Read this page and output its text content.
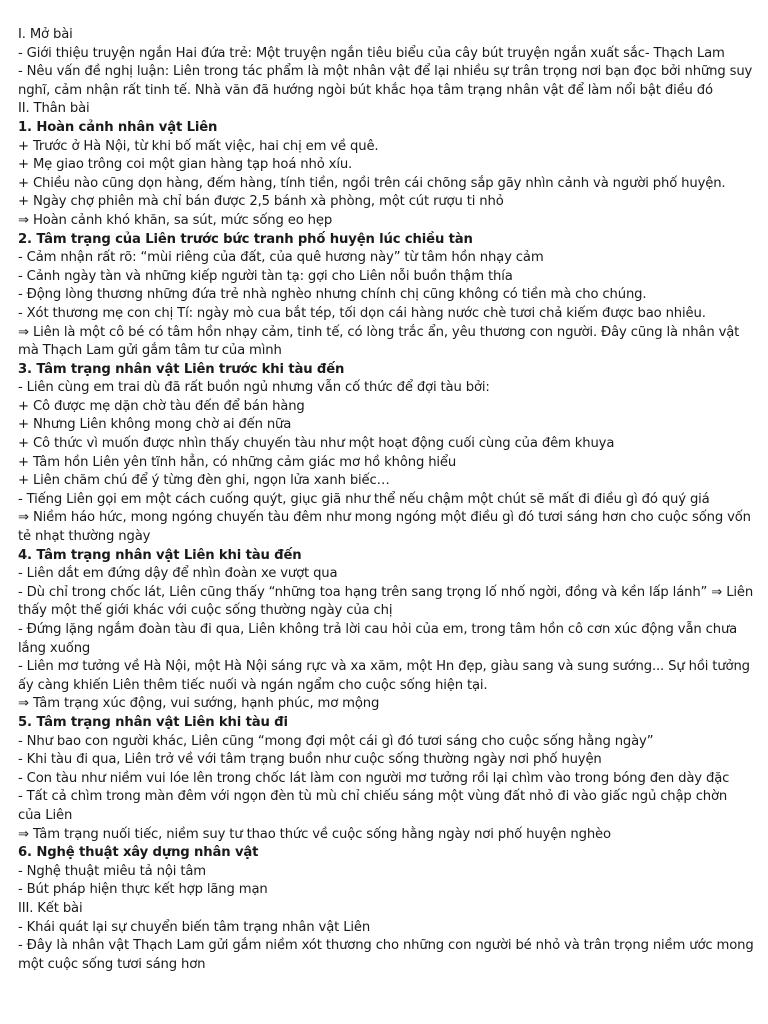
I. Mở bài

- Giới thiệu truyện ngắn Hai đứa trẻ: Một truyện ngắn tiêu biểu của cây bút truyện ngắn xuất sắc- Thạch Lam

- Nêu vấn đề nghị luận: Liên trong tác phẩm là một nhân vật để lại nhiều sự trân trọng nơi bạn đọc bởi những suy nghĩ, cảm nhận rất tinh tế. Nhà văn đã hướng ngòi bút khắc họa tâm trạng nhân vật để làm nổi bật điều đó

II. Thân bài

1. Hoàn cảnh nhân vật Liên

+ Trước ở Hà Nội, từ khi bố mất việc, hai chị em về quê.

+ Mẹ giao trông coi một gian hàng tạp hoá nhỏ xíu.

+ Chiều nào cũng dọn hàng, đếm hàng, tính tiền, ngồi trên cái chõng sắp gãy nhìn cảnh và người phố huyện.

+ Ngày chợ phiên mà chỉ bán được 2,5 bánh xà phòng, một cút rượu ti nhỏ

⇒ Hoàn cảnh khó khăn, sa sút, mức sống eo hẹp

2. Tâm trạng của Liên trước bức tranh phố huyện lúc chiều tàn

- Cảm nhận rất rõ: “mùi riêng của đất, của quê hương này” từ tâm hồn nhạy cảm

- Cảnh ngày tàn và những kiếp người tàn tạ: gợi cho Liên nỗi buồn thậm thía

- Động lòng thương những đứa trẻ nhà nghèo nhưng chính chị cũng không có tiền mà cho chúng.

- Xót thương mẹ con chị Tí: ngày mò cua bắt tép, tối dọn cái hàng nước chè tươi chả kiếm được bao nhiêu.

⇒ Liên là một cô bé có tâm hồn nhạy cảm, tinh tế, có lòng trắc ẩn, yêu thương con người. Đây cũng là nhân vật mà Thạch Lam gửi gắm tâm tư của mình

3. Tâm trạng nhân vật Liên trước khi tàu đến

- Liên cùng em trai dù đã rất buồn ngủ nhưng vẫn cố thức để đợi tàu bởi:

+ Cô được mẹ dặn chờ tàu đến để bán hàng

+ Nhưng Liên không mong chờ ai đến nữa

+ Cô thức vì muốn được nhìn thấy chuyến tàu như một hoạt động cuối cùng của đêm khuya

+ Tâm hồn Liên yên tĩnh hẳn, có những cảm giác mơ hồ không hiểu

+ Liên chăm chú để ý từng đèn ghi, ngọn lửa xanh biếc…

- Tiếng Liên gọi em một cách cuống quýt, giục giã như thể nếu chậm một chút sẽ mất đi điều gì đó quý giá

⇒ Niềm háo hức, mong ngóng chuyến tàu đêm như mong ngóng một điều gì đó tươi sáng hơn cho cuộc sống vốn tẻ nhạt thường ngày

4. Tâm trạng nhân vật Liên khi tàu đến

- Liên dắt em đứng dậy để nhìn đoàn xe vượt qua

- Dù chỉ trong chốc lát, Liên cũng thấy “những toa hạng trên sang trọng lố nhố ngời, đồng và kền lấp lánh” ⇒ Liên thấy một thế giới khác với cuộc sống thường ngày của chị

- Đứng lặng ngắm đoàn tàu đi qua, Liên không trả lời cau hỏi của em, trong tâm hồn cô cơn xúc động vẫn chưa lắng xuống

- Liên mơ tưởng về Hà Nội, một Hà Nội sáng rực và xa xăm, một Hn đẹp, giàu sang và sung sướng... Sự hồi tưởng ấy càng khiến Liên thêm tiếc nuối và ngán ngẩm cho cuộc sống hiện tại.

⇒ Tâm trạng xúc động, vui sướng, hạnh phúc, mơ mộng

5. Tâm trạng nhân vật Liên khi tàu đi

- Như bao con người khác, Liên cũng “mong đợi một cái gì đó tươi sáng cho cuộc sống hằng ngày”

- Khi tàu đi qua, Liên trở về với tâm trạng buồn như cuộc sống thường ngày nơi phố huyện

- Con tàu như niềm vui lóe lên trong chốc lát làm con người mơ tưởng rồi lại chìm vào trong bóng đen dày đặc

- Tất cả chìm trong màn đêm với ngọn đèn tù mù chỉ chiếu sáng một vùng đất nhỏ đi vào giấc ngủ chập chờn của Liên

⇒ Tâm trạng nuối tiếc, niềm suy tư thao thức về cuộc sống hằng ngày nơi phố huyện nghèo

6. Nghệ thuật xây dựng nhân vật

- Nghệ thuật miêu tả nội tâm

- Bút pháp hiện thực kết hợp lãng mạn

III. Kết bài

- Khái quát lại sự chuyển biến tâm trạng nhân vật Liên

- Đây là nhân vật Thạch Lam gửi gắm niềm xót thương cho những con người bé nhỏ và trân trọng niềm ước mong một cuộc sống tươi sáng hơn
